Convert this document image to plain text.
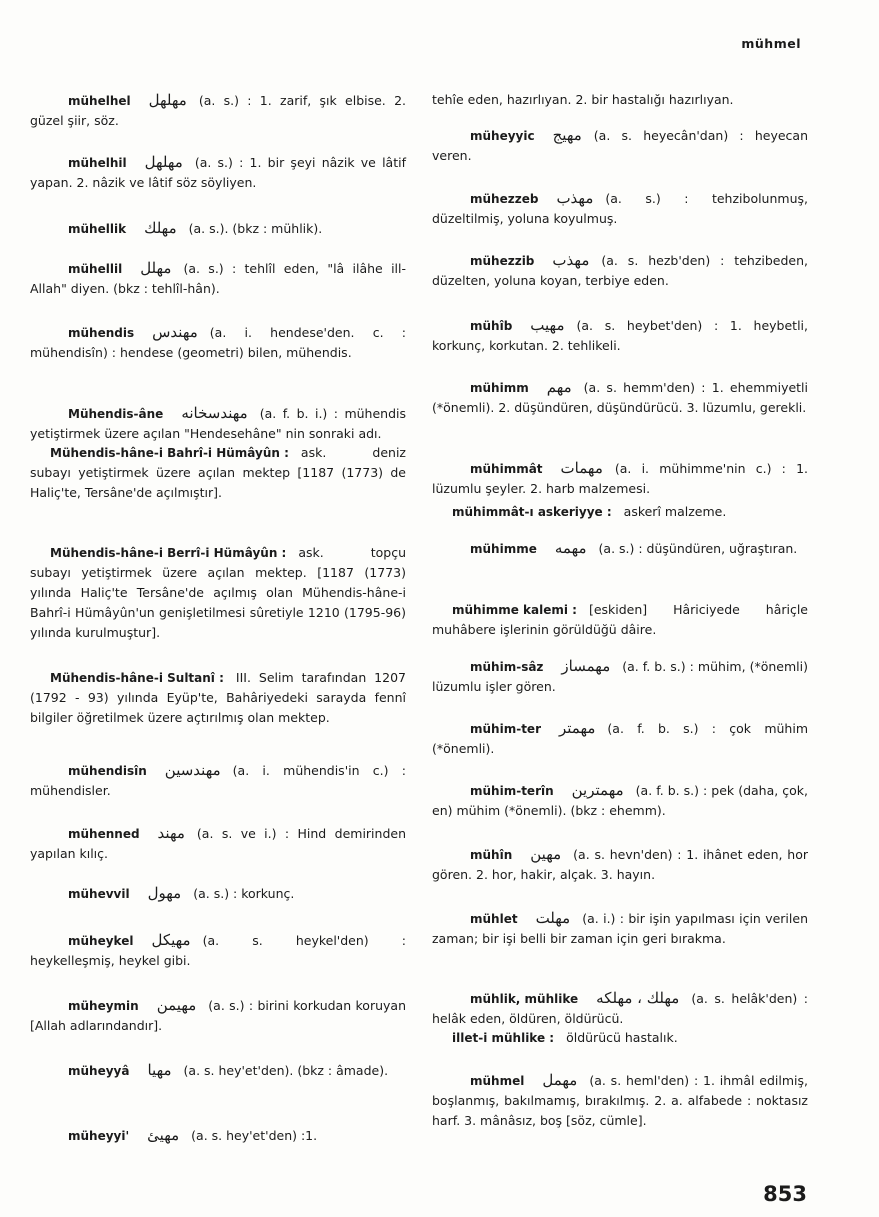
mühmel
mühelhel مهلهل (a. s.) : 1. zarif, şık elbise. 2. güzel şiir, söz.
mühelhil مهلهل (a. s.) : 1. bir şeyi nâzik ve lâtif yapan. 2. nâzik ve lâtif söz söyliyen.
mühellik مهلك (a. s.). (bkz : mühlik).
mühellil مهلل (a. s.) : tehlîl eden, "lâ ilâhe ill-Allah" diyen. (bkz : tehlîl-hân).
mühendis مهندس (a. i. hendese'den. c. : mühendisîn) : hendese (geometri) bilen, mühendis.
Mühendis-âne مهندسخانه (a. f. b. i.) : mühendis yetiştirmek üzere açılan "Hendesehâne" nin sonraki adı.
Mühendis-hâne-i Bahrî-i Hümâyûn : ask. deniz subayı yetiştirmek üzere açılan mektep [1187 (1773) de Haliç'te, Tersâne'de açılmıştır].
Mühendis-hâne-i Berrî-i Hümâyûn : ask. topçu subayı yetiştirmek üzere açılan mektep. [1187 (1773) yılında Haliç'te Tersâne'de açılmış olan Mühendis-hâne-i Bahrî-i Hümâyûn'un genişletilmesi sûretiyle 1210 (1795-96) yılında kurulmuştur].
Mühendis-hâne-i Sultanî : III. Selim tarafından 1207 (1792 - 93) yılında Eyüp'te, Bahâriyedeki sarayda fennî bilgiler öğretilmek üzere açtırılmış olan mektep.
mühendisîn مهندسين (a. i. mühendis'in c.) : mühendisler.
mühenned مهند (a. s. ve i.) : Hind demirinden yapılan kılıç.
mühevvil مهول (a. s.) : korkunç.
müheykel مهيكل (a. s. heykel'den) : heykelleşmiş, heykel gibi.
müheymin مهيمن (a. s.) : birini korkudan koruyan [Allah adlarındandır].
müheyyâ مهيا (a. s. hey'et'den). (bkz : âmade).
müheyyi' مهيئ (a. s. hey'et'den) :1.
tehîe eden, hazırlıyan. 2. bir hastalığı hazırlıyan.
müheyyic مهيج (a. s. heyecân'dan) : heyecan veren.
mühezzeb مهذب (a. s.) : tehzibolunmuş, düzeltilmiş, yoluna koyulmuş.
mühezzib مهذب (a. s. hezb'den) : tehzibeden, düzelten, yoluna koyan, terbiye eden.
mühîb مهيب (a. s. heybet'den) : 1. heybetli, korkunç, korkutan. 2. tehlikeli.
mühimm مهم (a. s. hemm'den) : 1. ehemmiyetli (*önemli). 2. düşündüren, düşündürücü. 3. lüzumlu, gerekli.
mühimmât مهمات (a. i. mühimme'nin c.) : 1. lüzumlu şeyler. 2. harb malzemesi.
mühimmât-ı askeriyye : askerî malzeme.
mühimme مهمه (a. s.) : düşündüren, uğraştıran.
mühimme kalemi : [eskiden] Hâriciyede hâriçle muhâbere işlerinin görüldüğü dâire.
mühim-sâz مهمساز (a. f. b. s.) : mühim, (*önemli) lüzumlu işler gören.
mühim-ter مهمتر (a. f. b. s.) : çok mühim (*önemli).
mühim-terîn مهمترين (a. f. b. s.) : pek (daha, çok, en) mühim (*önemli). (bkz : ehemm).
mühîn مهين (a. s. hevn'den) : 1. ihânet eden, hor gören. 2. hor, hakir, alçak. 3. hayın.
mühlet مهلت (a. i.) : bir işin yapılması için verilen zaman; bir işi belli bir zaman için geri bırakma.
mühlik, mühlike مهلك ، مهلكه (a. s. helâk'den) : helâk eden, öldüren, öldürücü.
illet-i mühlike : öldürücü hastalık.
mühmel مهمل (a. s. heml'den) : 1. ihmâl edilmiş, boşlanmış, bakılmamış, bırakılmış. 2. a. alfabede : noktasız harf. 3. mânâsız, boş [söz, cümle].
853
